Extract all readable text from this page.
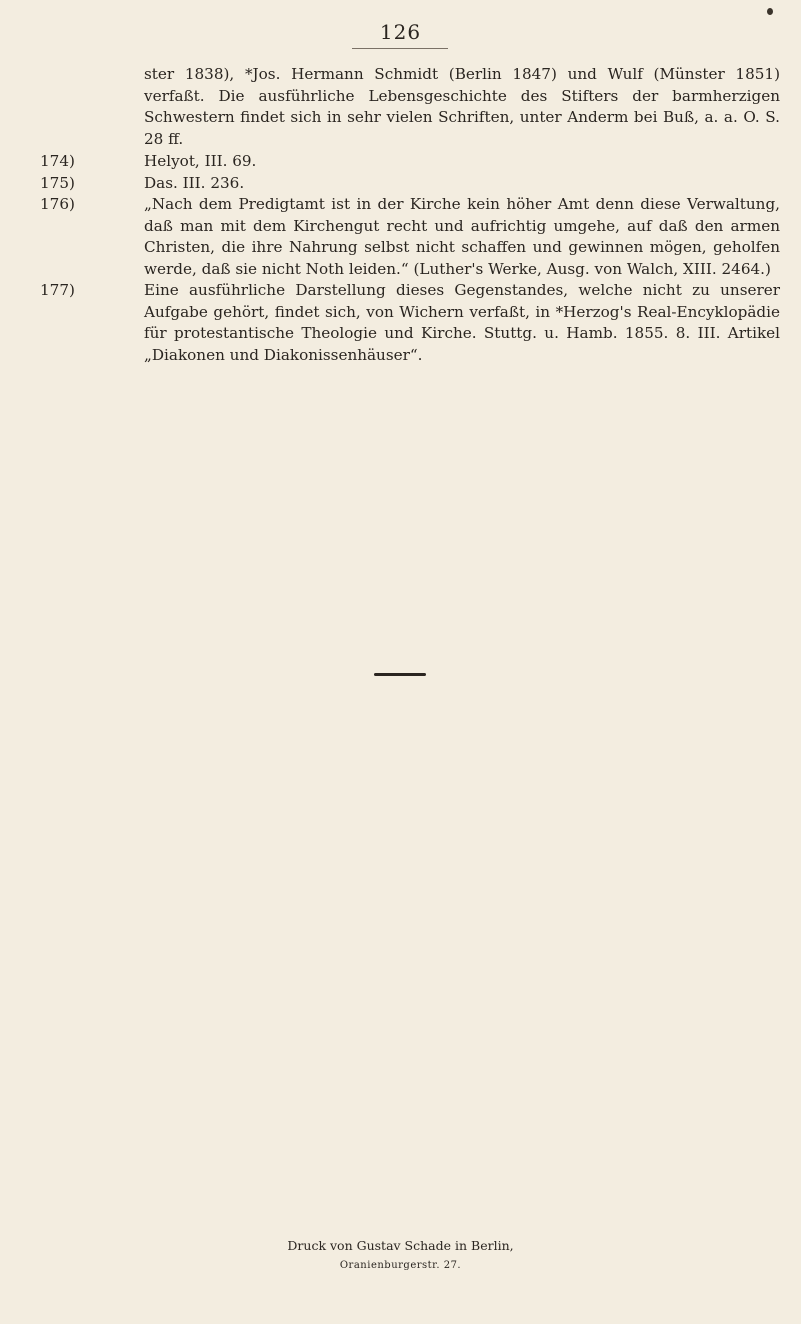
126
ster 1838), *Jos. Hermann Schmidt (Berlin 1847) und Wulf (Münster 1851) verfaßt. Die ausführliche Lebensgeschichte des Stifters der barmherzigen Schwestern findet sich in sehr vielen Schriften, unter Anderm bei Buß, a. a. O. S. 28 ff.
174)	Helyot, III. 69.
175)	Das. III. 236.
176)	„Nach dem Predigtamt ist in der Kirche kein höher Amt denn diese Verwaltung, daß man mit dem Kirchengut recht und aufrichtig umgehe, auf daß den armen Christen, die ihre Nahrung selbst nicht schaffen und gewinnen mögen, geholfen werde, daß sie nicht Noth leiden.“ (Luther's Werke, Ausg. von Walch, XIII. 2464.)
177)	Eine ausführliche Darstellung dieses Gegenstandes, welche nicht zu unserer Aufgabe gehört, findet sich, von Wichern verfaßt, in *Herzog's Real-Encyklopädie für protestantische Theologie und Kirche. Stuttg. u. Hamb. 1855. 8. III. Artikel „Diakonen und Diakonissenhäuser“.
Druck von Gustav Schade in Berlin,
Oranienburgerstr. 27.
